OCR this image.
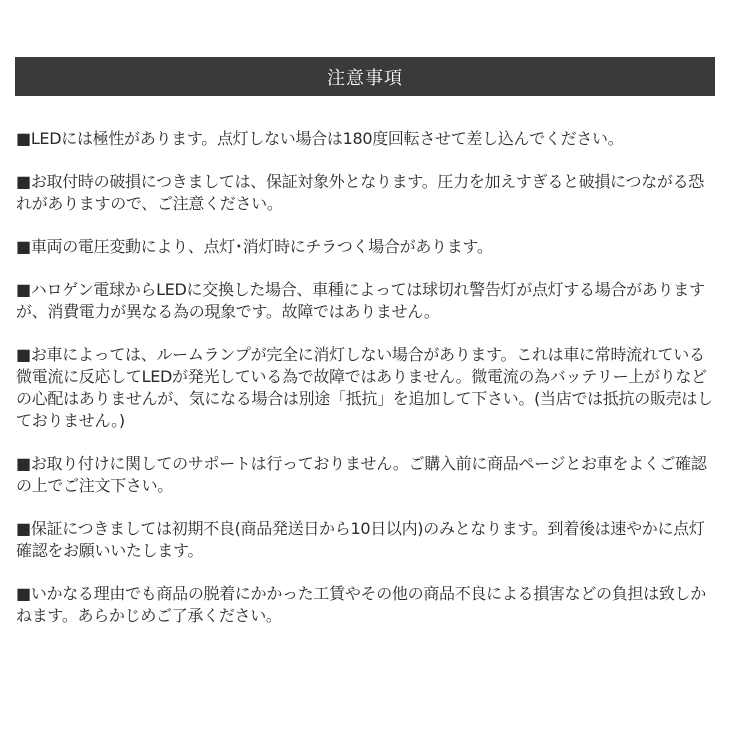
注意事項

■LEDには極性があります。点灯しない場合は180度回転させて差し込んでください。

■お取付時の破損につきましては、保証対象外となります。圧力を加えすぎると破損につながる恐れがありますので、ご注意ください。

■車両の電圧変動により、点灯･消灯時にチラつく場合があります。

■ハロゲン電球からLEDに交換した場合、車種によっては球切れ警告灯が点灯する場合がありますが、消費電力が異なる為の現象です。故障ではありません。

■お車によっては、ルームランプが完全に消灯しない場合があります。これは車に常時流れている微電流に反応してLEDが発光している為で故障ではありません。微電流の為バッテリー上がりなどの心配はありませんが、気になる場合は別途「抵抗」を追加して下さい。(当店では抵抗の販売はしておりません。)

■お取り付けに関してのサポートは行っておりません。ご購入前に商品ページとお車をよくご確認の上でご注文下さい。

■保証につきましては初期不良(商品発送日から10日以内)のみとなります。到着後は速やかに点灯確認をお願いいたします。

■いかなる理由でも商品の脱着にかかった工賃やその他の商品不良による損害などの負担は致しかねます。あらかじめご了承ください。
